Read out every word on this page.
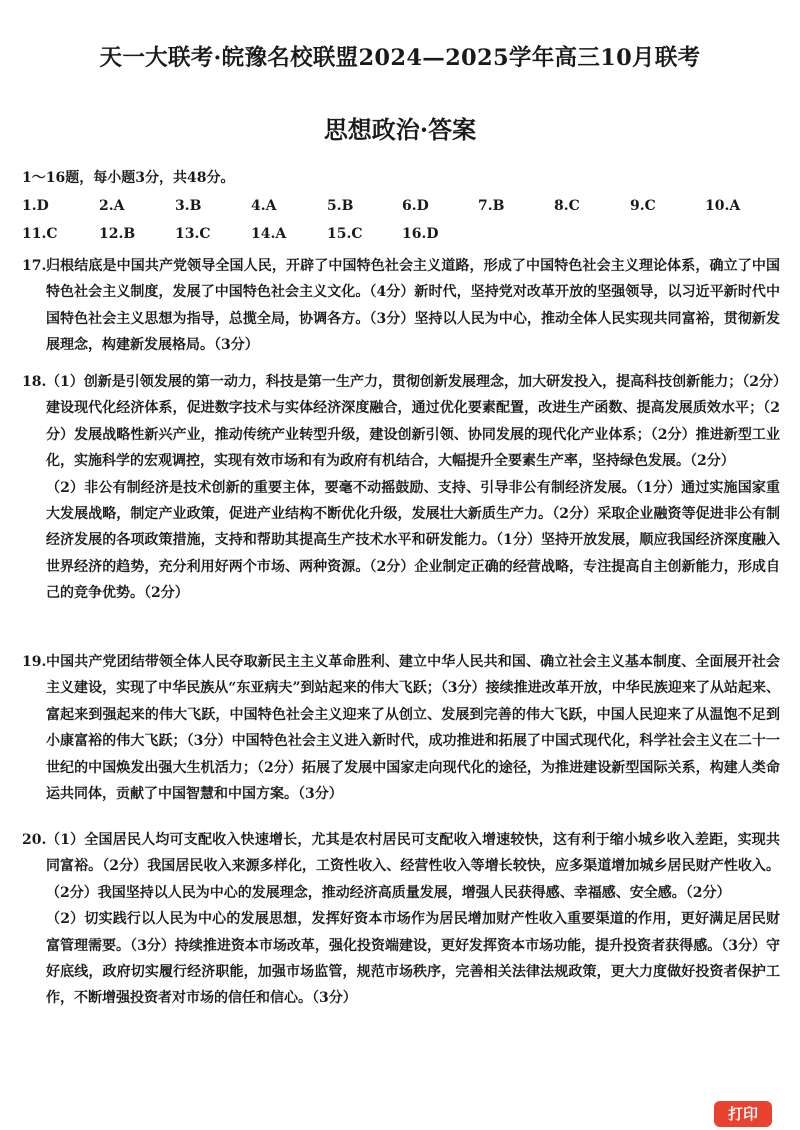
天一大联考·皖豫名校联盟2024—2025学年高三10月联考
思想政治·答案
1～16题，每小题3分，共48分。
1.D	2.A	3.B	4.A	5.B	6.D	7.B	8.C	9.C	10.A
11.C	12.B	13.C	14.A	15.C	16.D
17. 归根结底是中国共产党领导全国人民，开辟了中国特色社会主义道路，形成了中国特色社会主义理论体系，确立了中国特色社会主义制度，发展了中国特色社会主义文化。（4分）新时代，坚持党对改革开放的坚强领导，以习近平新时代中国特色社会主义思想为指导，总揽全局，协调各方。（3分）坚持以人民为中心，推动全体人民实现共同富裕，贯彻新发展理念，构建新发展格局。（3分）

18. （1）创新是引领发展的第一动力，科技是第一生产力，贯彻创新发展理念，加大研发投入，提高科技创新能力；（2分）建设现代化经济体系，促进数字技术与实体经济深度融合，通过优化要素配置，改进生产函数、提高发展质效水平；（2分）发展战略性新兴产业，推动传统产业转型升级，建设创新引领、协同发展的现代化产业体系；（2分）推进新型工业化，实施科学的宏观调控，实现有效市场和有为政府有机结合，大幅提升全要素生产率，坚持绿色发展。（2分）

（2）非公有制经济是技术创新的重要主体，要毫不动摇鼓励、支持、引导非公有制经济发展。（1分）通过实施国家重大发展战略，制定产业政策，促进产业结构不断优化升级，发展壮大新质生产力。（2分）采取企业融资等促进非公有制经济发展的各项政策措施，支持和帮助其提高生产技术水平和研发能力。（1分）坚持开放发展，顺应我国经济深度融入世界经济的趋势，充分利用好两个市场、两种资源。（2分）企业制定正确的经营战略，专注提高自主创新能力，形成自己的竞争优势。（2分）

19. 中国共产党团结带领全体人民夺取新民主主义革命胜利、建立中华人民共和国、确立社会主义基本制度、全面展开社会主义建设，实现了中华民族从“东亚病夫”到站起来的伟大飞跃；（3分）接续推进改革开放，中华民族迎来了从站起来、富起来到强起来的伟大飞跃，中国特色社会主义迎来了从创立、发展到完善的伟大飞跃，中国人民迎来了从温饱不足到小康富裕的伟大飞跃；（3分）中国特色社会主义进入新时代，成功推进和拓展了中国式现代化，科学社会主义在二十一世纪的中国焕发出强大生机活力；（2分）拓展了发展中国家走向现代化的途径，为推进建设新型国际关系，构建人类命运共同体，贡献了中国智慧和中国方案。（3分）

20. （1）全国居民人均可支配收入快速增长，尤其是农村居民可支配收入增速较快，这有利于缩小城乡收入差距，实现共同富裕。（2分）我国居民收入来源多样化，工资性收入、经营性收入等增长较快，应多渠道增加城乡居民财产性收入。（2分）我国坚持以人民为中心的发展理念，推动经济高质量发展，增强人民获得感、幸福感、安全感。（2分）

（2）切实践行以人民为中心的发展思想，发挥好资本市场作为居民增加财产性收入重要渠道的作用，更好满足居民财富管理需要。（3分）持续推进资本市场改革，强化投资端建设，更好发挥资本市场功能，提升投资者获得感。（3分）守好底线，政府切实履行经济职能，加强市场监管，规范市场秩序，完善相关法律法规政策，更大力度做好投资者保护工作，不断增强投资者对市场的信任和信心。（3分）

打印
